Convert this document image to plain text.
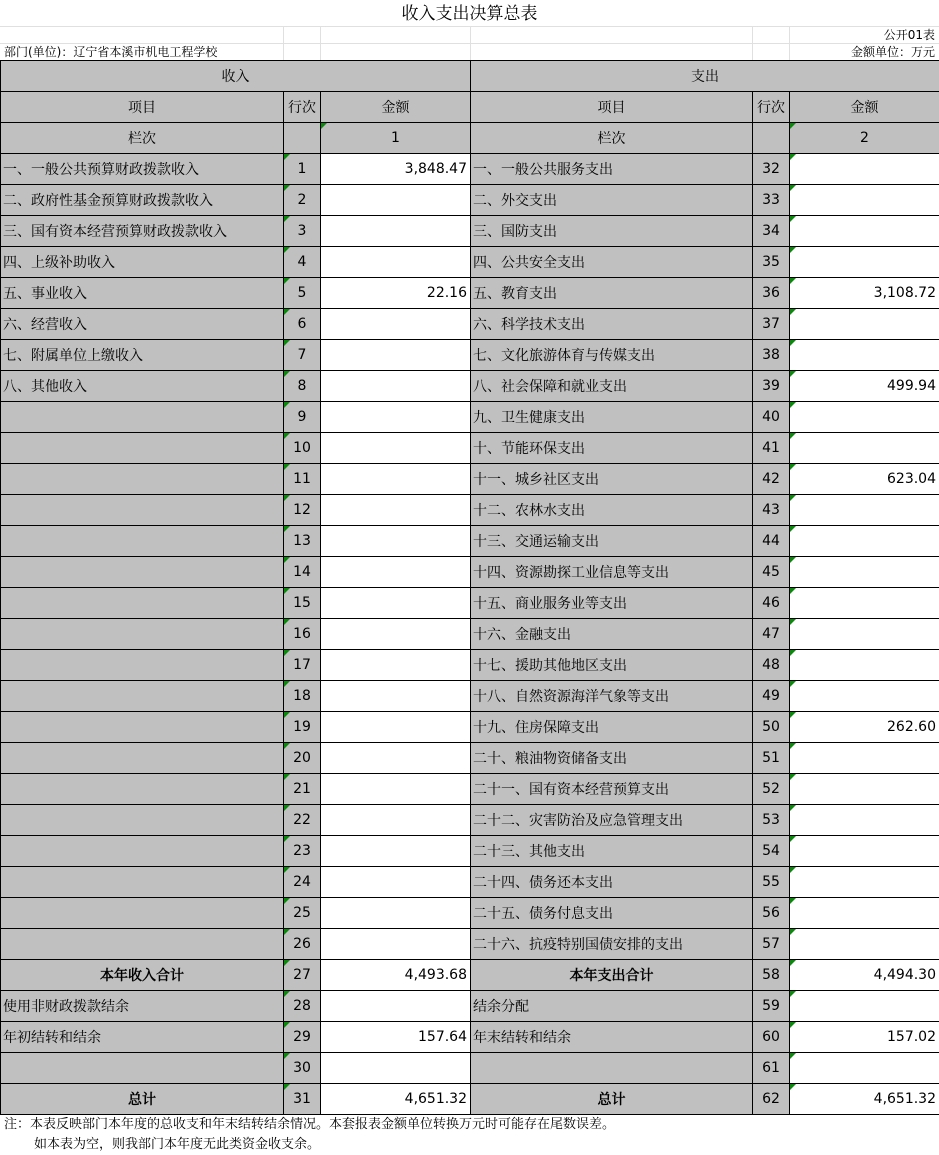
收入支出决算总表
公开01表
部门(单位)：辽宁省本溪市机电工程学校	金额单位：万元
收入			支出		
项目	行次	金额	项目	行次	金额
栏次		1	栏次		2
一、一般公共预算财政拨款收入	1	3,848.47	一、一般公共服务支出	32	
二、政府性基金预算财政拨款收入	2		二、外交支出	33	
三、国有资本经营预算财政拨款收入	3		三、国防支出	34	
四、上级补助收入	4		四、公共安全支出	35	
五、事业收入	5	22.16	五、教育支出	36	3,108.72
六、经营收入	6		六、科学技术支出	37	
七、附属单位上缴收入	7		七、文化旅游体育与传媒支出	38	
八、其他收入	8		八、社会保障和就业支出	39	499.94
	9		九、卫生健康支出	40	
	10		十、节能环保支出	41	
	11		十一、城乡社区支出	42	623.04
	12		十二、农林水支出	43	
	13		十三、交通运输支出	44	
	14		十四、资源勘探工业信息等支出	45	
	15		十五、商业服务业等支出	46	
	16		十六、金融支出	47	
	17		十七、援助其他地区支出	48	
	18		十八、自然资源海洋气象等支出	49	
	19		十九、住房保障支出	50	262.60
	20		二十、粮油物资储备支出	51	
	21		二十一、国有资本经营预算支出	52	
	22		二十二、灾害防治及应急管理支出	53	
	23		二十三、其他支出	54	
	24		二十四、债务还本支出	55	
	25		二十五、债务付息支出	56	
	26		二十六、抗疫特别国债安排的支出	57	
本年收入合计	27	4,493.68	本年支出合计	58	4,494.30
使用非财政拨款结余	28		结余分配	59	
年初结转和结余	29	157.64	年末结转和结余	60	157.02
	30			61	
总计	31	4,651.32	总计	62	4,651.32
注：本表反映部门本年度的总收支和年末结转结余情况。本套报表金额单位转换万元时可能存在尾数误差。
如本表为空，则我部门本年度无此类资金收支余。
